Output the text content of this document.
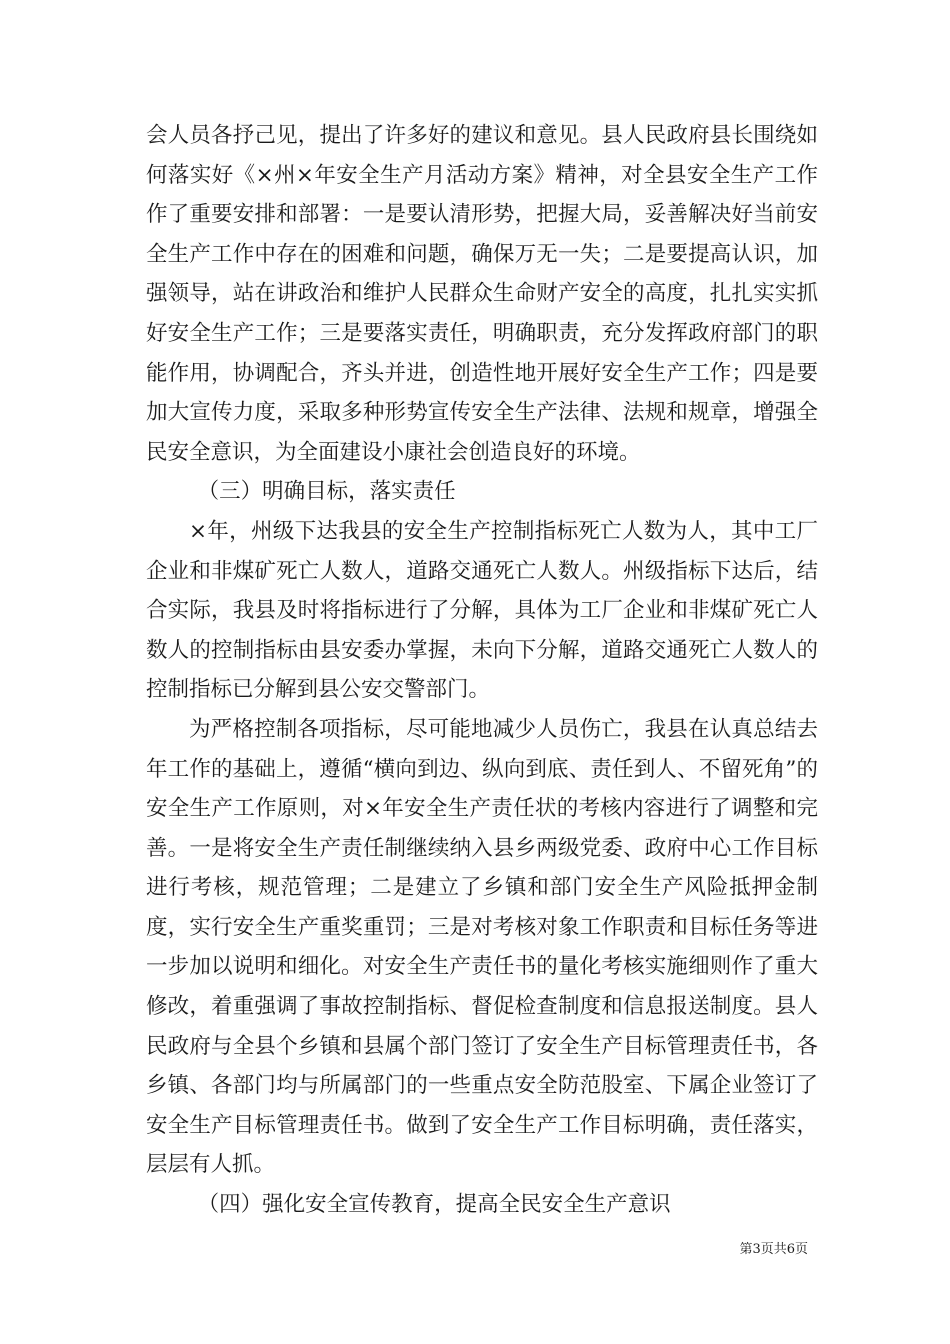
会人员各抒己见，提出了许多好的建议和意见。县人民政府县长围绕如何落实好《×州×年安全生产月活动方案》精神，对全县安全生产工作作了重要安排和部署：一是要认清形势，把握大局，妥善解决好当前安全生产工作中存在的困难和问题，确保万无一失；二是要提高认识，加强领导，站在讲政治和维护人民群众生命财产安全的高度，扎扎实实抓好安全生产工作；三是要落实责任，明确职责，充分发挥政府部门的职能作用，协调配合，齐头并进，创造性地开展好安全生产工作；四是要加大宣传力度，采取多种形势宣传安全生产法律、法规和规章，增强全民安全意识，为全面建设小康社会创造良好的环境。

（三）明确目标，落实责任

×年，州级下达我县的安全生产控制指标死亡人数为人，其中工厂企业和非煤矿死亡人数人，道路交通死亡人数人。州级指标下达后，结合实际，我县及时将指标进行了分解，具体为工厂企业和非煤矿死亡人数人的控制指标由县安委办掌握，未向下分解，道路交通死亡人数人的控制指标已分解到县公安交警部门。

为严格控制各项指标，尽可能地减少人员伤亡，我县在认真总结去年工作的基础上，遵循“横向到边、纵向到底、责任到人、不留死角”的安全生产工作原则，对×年安全生产责任状的考核内容进行了调整和完善。一是将安全生产责任制继续纳入县乡两级党委、政府中心工作目标进行考核，规范管理；二是建立了乡镇和部门安全生产风险抵押金制度，实行安全生产重奖重罚；三是对考核对象工作职责和目标任务等进一步加以说明和细化。对安全生产责任书的量化考核实施细则作了重大修改，着重强调了事故控制指标、督促检查制度和信息报送制度。县人民政府与全县个乡镇和县属个部门签订了安全生产目标管理责任书，各乡镇、各部门均与所属部门的一些重点安全防范股室、下属企业签订了安全生产目标管理责任书。做到了安全生产工作目标明确，责任落实，层层有人抓。

（四）强化安全宣传教育，提高全民安全生产意识

第3页共6页
